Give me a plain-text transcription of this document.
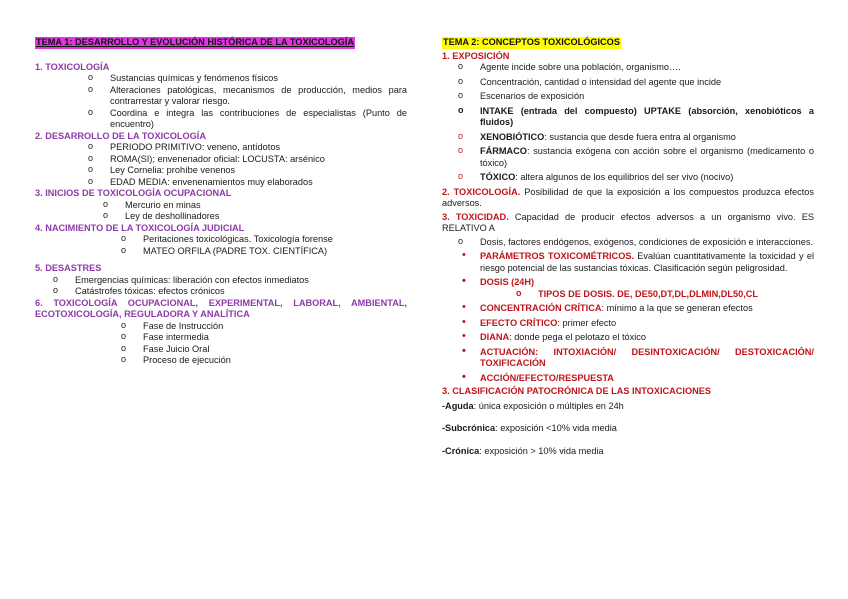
TEMA 1: DESARROLLO Y EVOLUCIÓN HISTÓRICA DE LA TOXICOLOGÍA
1. TOXICOLOGÍA
o Sustancias químicas y fenómenos físicos
o Alteraciones patológicas, mecanismos de producción, medios para contrarrestar y valorar riesgo.
o Coordina e integra las contribuciones de especialistas (Punto de encuentro)
2. DESARROLLO DE LA TOXICOLOGÍA
o PERIODO PRIMITIVO: veneno, antídotos
o ROMA(SI); envenenador oficial: LOCUSTA: arsénico
o Ley Cornelia: prohíbe venenos
o EDAD MEDIA: envenenamientos muy elaborados
3. INICIOS DE TOXICOLOGÍA OCUPACIONAL
o Mercurio en minas
o Ley de deshollinadores
4. NACIMIENTO DE LA TOXICOLOGÍA JUDICIAL
o Peritaciones toxicológicas. Toxicología forense
o MATEO ORFILA (PADRE TOX. CIENTÍFICA)
5. DESASTRES
o Emergencias químicas: liberación con efectos inmediatos
o Catástrofes tóxicas: efectos crónicos
6. TOXICOLOGÍA OCUPACIONAL, EXPERIMENTAL, LABORAL, AMBIENTAL, ECOTOXICOLOGÍA, REGULADORA Y ANALÍTICA
o Fase de Instrucción
o Fase intermedia
o Fase Juicio Oral
o Proceso de ejecución
TEMA 2: CONCEPTOS TOXICOLÓGICOS
1. EXPOSICIÓN
o Agente incide sobre una población, organismo….
o Concentración, cantidad o intensidad del agente que incide
o Escenarios de exposición
o INTAKE (entrada del compuesto) UPTAKE (absorción, xenobióticos a fluidos)
o XENOBIÓTICO: sustancia que desde fuera entra al organismo
o FÁRMACO: sustancia exógena con acción sobre el organismo (medicamento o tóxico)
o TÓXICO: altera algunos de los equilibrios del ser vivo (nocivo)
2. TOXICOLOGÍA. Posibilidad de que la exposición a los compuestos produzca efectos adversos.
3. TOXICIDAD. Capacidad de producir efectos adversos a un organismo vivo. ES RELATIVO A
o Dosis, factores endógenos, exógenos, condiciones de exposición e interacciones.
• PARÁMETROS TOXICOMÉTRICOS. Evalúan cuantitativamente la toxicidad y el riesgo potencial de las sustancias tóxicas. Clasificación según peligrosidad.
• DOSIS (24H)
o TIPOS DE DOSIS. DE, DE50,DT,DL,DLMIN,DL50,CL
• CONCENTRACIÓN CRÍTICA: mínimo a la que se generan efectos
• EFECTO CRÍTICO: primer efecto
• DIANA: donde pega el pelotazo el tóxico
• ACTUACIÓN: INTOXIACIÓN/ DESINTOXICACIÓN/ DESTOXICACIÓN/ TOXIFICACIÓN
• ACCIÓN/EFECTO/RESPUESTA
3. CLASIFICACIÓN PATOCRÓNICA DE LAS INTOXICACIONES
-Aguda: única exposición o múltiples en 24h
-Subcrónica: exposición <10% vida media
-Crónica: exposición > 10% vida media
